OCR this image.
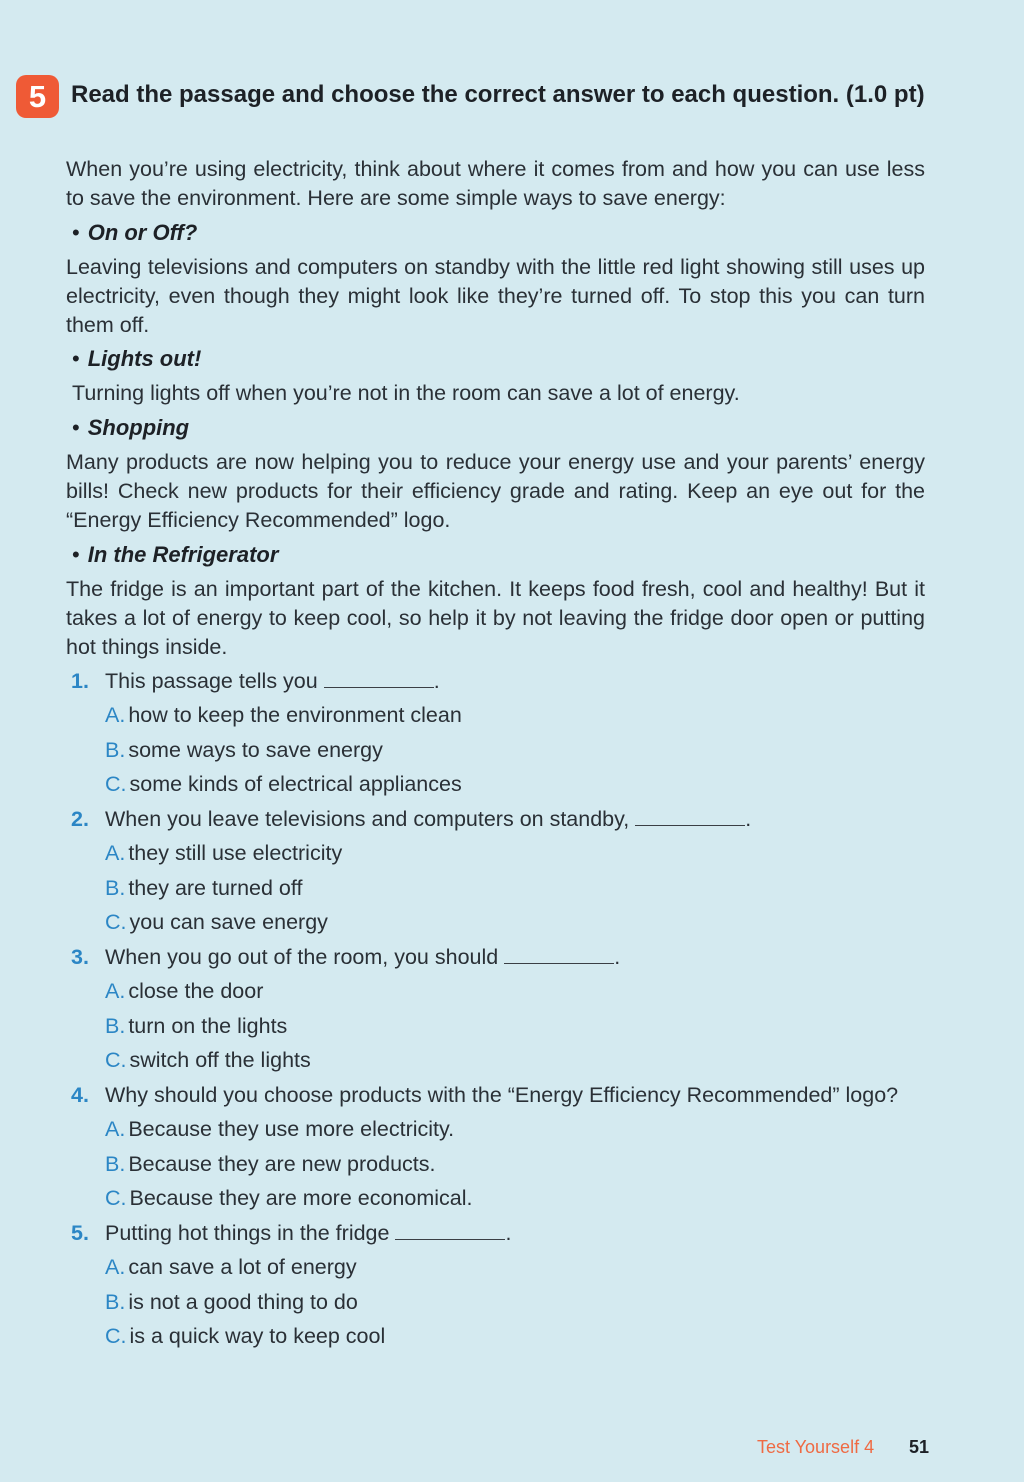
5	Read the passage and choose the correct answer to each question. (1.0 pt)

When you’re using electricity, think about where it comes from and how you can use less to save the environment. Here are some simple ways to save energy:

• On or Off?

Leaving televisions and computers on standby with the little red light showing still uses up electricity, even though they might look like they’re turned off. To stop this you can turn them off.

• Lights out!

Turning lights off when you’re not in the room can save a lot of energy.

• Shopping

Many products are now helping you to reduce your energy use and your parents’ energy bills! Check new products for their efficiency grade and rating. Keep an eye out for the “Energy Efficiency Recommended” logo.

• In the Refrigerator

The fridge is an important part of the kitchen. It keeps food fresh, cool and healthy! But it takes a lot of energy to keep cool, so help it by not leaving the fridge door open or putting hot things inside.

1. This passage tells you	.
A. how to keep the environment clean
B. some ways to save energy
C. some kinds of electrical appliances
2. When you leave televisions and computers on standby,	.
A. they still use electricity
B. they are turned off
C. you can save energy
3. When you go out of the room, you should	.
A. close the door
B. turn on the lights
C. switch off the lights
4. Why should you choose products with the “Energy Efficiency Recommended” logo?
A. Because they use more electricity.
B. Because they are new products.
C. Because they are more economical.
5. Putting hot things in the fridge	.
A. can save a lot of energy
B. is not a good thing to do
C. is a quick way to keep cool
Test Yourself 4 51
